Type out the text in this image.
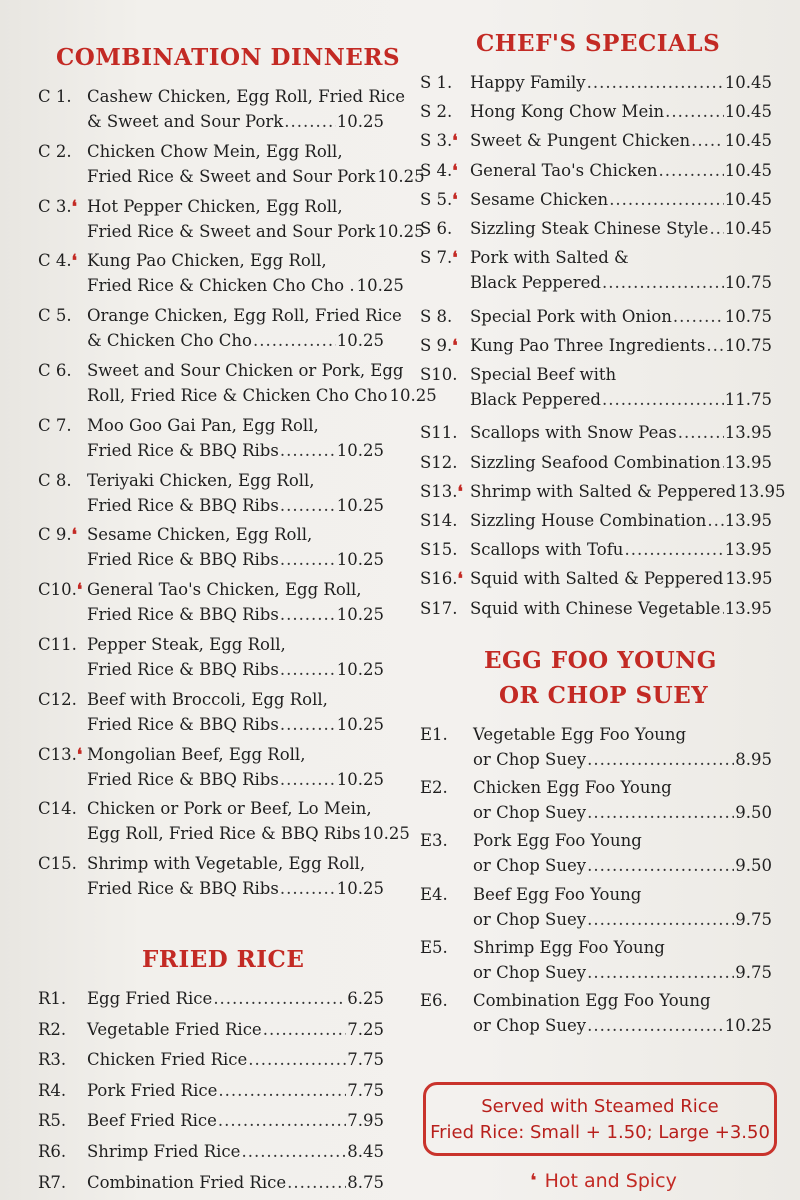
COMBINATION DINNERS
C 1. Cashew Chicken, Egg Roll, Fried Rice
& Sweet and Sour Pork .....	10.25
C 2. Chicken Chow Mein, Egg Roll,
Fried Rice & Sweet and Sour Pork 10.25
C 3.❛ Hot Pepper Chicken, Egg Roll,
Fried Rice & Sweet and Sour Pork 10.25
C 4.❛ Kung Pao Chicken, Egg Roll,
Fried Rice & Chicken Cho Cho . 10.25
C 5. Orange Chicken, Egg Roll, Fried Rice
& Chicken Cho Cho .....	10.25
C 6. Sweet and Sour Chicken or Pork, Egg
Roll, Fried Rice & Chicken Cho Cho 10.25
C 7. Moo Goo Gai Pan, Egg Roll,
Fried Rice & BBQ Ribs .....	10.25
C 8. Teriyaki Chicken, Egg Roll,
Fried Rice & BBQ Ribs .....	10.25
C 9.❛ Sesame Chicken, Egg Roll,
Fried Rice & BBQ Ribs .....	10.25
C10.❛ General Tao's Chicken, Egg Roll,
Fried Rice & BBQ Ribs .....	10.25
C11. Pepper Steak, Egg Roll,
Fried Rice & BBQ Ribs .....	10.25
C12. Beef with Broccoli, Egg Roll,
Fried Rice & BBQ Ribs .....	10.25
C13.❛ Mongolian Beef, Egg Roll,
Fried Rice & BBQ Ribs .....	10.25
C14. Chicken or Pork or Beef, Lo Mein,
Egg Roll, Fried Rice & BBQ Ribs 10.25
C15. Shrimp with Vegetable, Egg Roll,
Fried Rice & BBQ Ribs .....	10.25
FRIED RICE
R1. Egg Fried Rice .....	6.25
R2. Vegetable Fried Rice .....	7.25
R3. Chicken Fried Rice .....	7.75
R4. Pork Fried Rice .....	7.75
R5. Beef Fried Rice .....	7.95
R6. Shrimp Fried Rice .....	8.45
R7. Combination Fried Rice .....	8.75
CHEF'S SPECIALS
S 1. Happy Family .....	10.45
S 2. Hong Kong Chow Mein .....	10.45
S 3.❛ Sweet & Pungent Chicken ..... 10.45
S 4.❛ General Tao's Chicken .....	10.45
S 5.❛ Sesame Chicken .....	10.45
S 6. Sizzling Steak Chinese Style ..... 10.45
S 7.❛ Pork with Salted &
Black Peppered .....	10.75
S 8. Special Pork with Onion .....	10.75
S 9.❛ Kung Pao Three Ingredients ..... 10.75
S10. Special Beef with
Black Peppered .....	11.75
S11. Scallops with Snow Peas .....	13.95
S12. Sizzling Seafood Combination ..... 13.95
S13.❛ Shrimp with Salted & Peppered 13.95
S14. Sizzling House Combination ..... 13.95
S15. Scallops with Tofu .....	13.95
S16.❛ Squid with Salted & Peppered 13.95
S17. Squid with Chinese Vegetable ..... 13.95
EGG FOO YOUNG
OR CHOP SUEY
E1. Vegetable Egg Foo Young
or Chop Suey .....	8.95
E2. Chicken Egg Foo Young
or Chop Suey .....	9.50
E3. Pork Egg Foo Young
or Chop Suey .....	9.50
E4. Beef Egg Foo Young
or Chop Suey .....	9.75
E5. Shrimp Egg Foo Young
or Chop Suey .....	9.75
E6. Combination Egg Foo Young
or Chop Suey .....	10.25
Served with Steamed Rice
Fried Rice: Small + 1.50; Large +3.50
❛ Hot and Spicy
